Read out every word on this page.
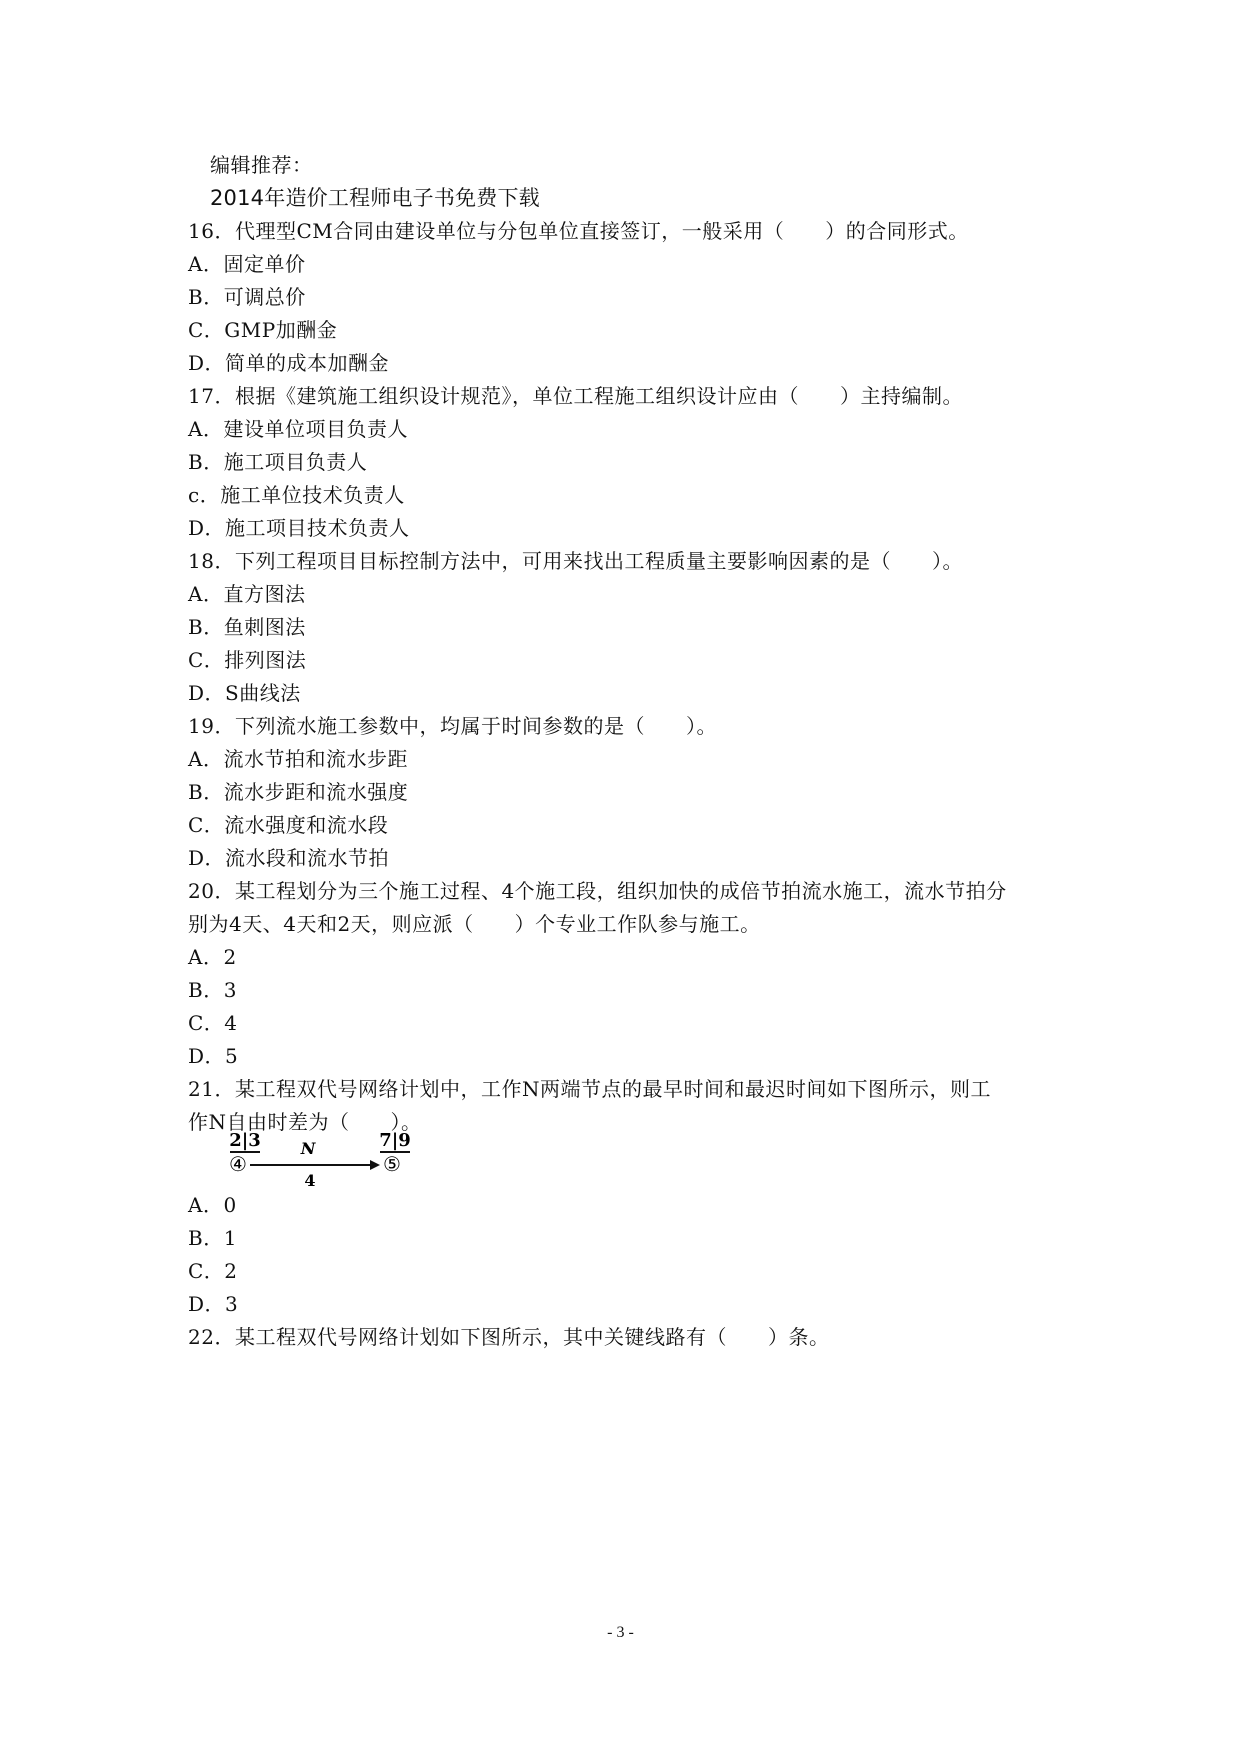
编辑推荐：
2014年造价工程师电子书免费下载
16．代理型CM合同由建设单位与分包单位直接签订，一般采用（　　）的合同形式。
A．固定单价
B．可调总价
C．GMP加酬金
D．简单的成本加酬金
17．根据《建筑施工组织设计规范》，单位工程施工组织设计应由（　　）主持编制。
A．建设单位项目负责人
B．施工项目负责人
c．施工单位技术负责人
D．施工项目技术负责人
18．下列工程项目目标控制方法中，可用来找出工程质量主要影响因素的是（　　）。
A．直方图法
B．鱼刺图法
C．排列图法
D．S曲线法
19．下列流水施工参数中，均属于时间参数的是（　　）。
A．流水节拍和流水步距
B．流水步距和流水强度
C．流水强度和流水段
D．流水段和流水节拍
20．某工程划分为三个施工过程、4个施工段，组织加快的成倍节拍流水施工，流水节拍分
别为4天、4天和2天，则应派（　　）个专业工作队参与施工。
A．2
B．3
C．4
D．5
21．某工程双代号网络计划中，工作N两端节点的最早时间和最迟时间如下图所示，则工
作N自由时差为（　　）。
2|3	7|9
N
④	⑤
4
A．0
B．1
C．2
D．3
22．某工程双代号网络计划如下图所示，其中关键线路有（　　）条。
- 3 -
